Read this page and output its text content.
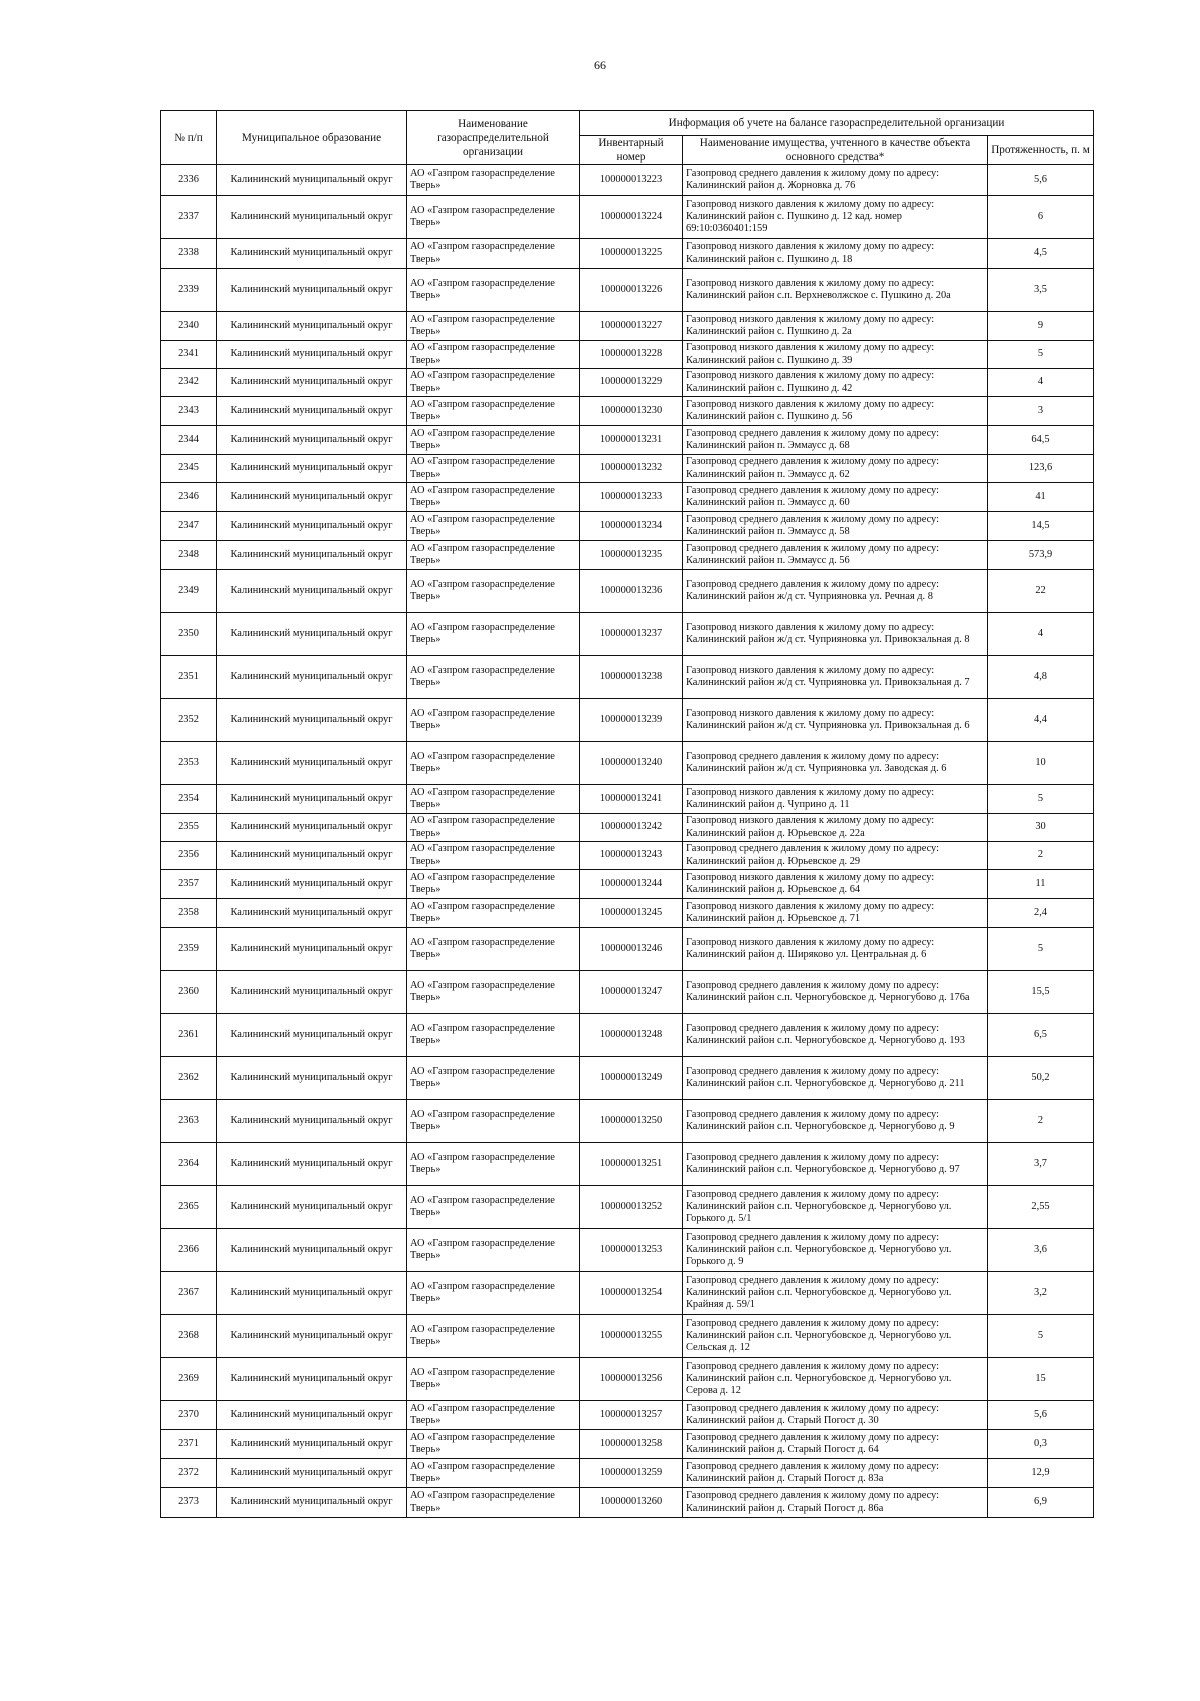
66
№ п/п	Муниципальное образование	Наименование газораспределительной организации	Информация об учете на балансе газораспределительной организации		
			Инвентарный номер	Наименование имущества, учтенного в качестве объекта основного средства*	Протяженность, п. м
2336	Калининский муниципальный округ	АО «Газпром газораспределение Тверь»	100000013223	Газопровод среднего давления к жилому дому по адресу: Калининский район д. Жорновка д. 76	5,6
2337	Калининский муниципальный округ	АО «Газпром газораспределение Тверь»	100000013224	Газопровод низкого давления к жилому дому по адресу: Калининский район с. Пушкино д. 12 кад. номер 69:10:0360401:159	6
2338	Калининский муниципальный округ	АО «Газпром газораспределение Тверь»	100000013225	Газопровод низкого давления к жилому дому по адресу: Калининский район с. Пушкино д. 18	4,5
2339	Калининский муниципальный округ	АО «Газпром газораспределение Тверь»	100000013226	Газопровод низкого давления к жилому дому по адресу: Калининский район с.п. Верхневолжское с. Пушкино д. 20а	3,5
2340	Калининский муниципальный округ	АО «Газпром газораспределение Тверь»	100000013227	Газопровод низкого давления к жилому дому по адресу: Калининский район с. Пушкино д. 2а	9
2341	Калининский муниципальный округ	АО «Газпром газораспределение Тверь»	100000013228	Газопровод низкого давления к жилому дому по адресу: Калининский район с. Пушкино д. 39	5
2342	Калининский муниципальный округ	АО «Газпром газораспределение Тверь»	100000013229	Газопровод низкого давления к жилому дому по адресу: Калининский район с. Пушкино д. 42	4
2343	Калининский муниципальный округ	АО «Газпром газораспределение Тверь»	100000013230	Газопровод низкого давления к жилому дому по адресу: Калининский район с. Пушкино д. 56	3
2344	Калининский муниципальный округ	АО «Газпром газораспределение Тверь»	100000013231	Газопровод среднего давления к жилому дому по адресу: Калининский район п. Эммаусс д. 68	64,5
2345	Калининский муниципальный округ	АО «Газпром газораспределение Тверь»	100000013232	Газопровод среднего давления к жилому дому по адресу: Калининский район п. Эммаусс д. 62	123,6
2346	Калининский муниципальный округ	АО «Газпром газораспределение Тверь»	100000013233	Газопровод среднего давления к жилому дому по адресу: Калининский район п. Эммаусс д. 60	41
2347	Калининский муниципальный округ	АО «Газпром газораспределение Тверь»	100000013234	Газопровод среднего давления к жилому дому по адресу: Калининский район п. Эммаусс д. 58	14,5
2348	Калининский муниципальный округ	АО «Газпром газораспределение Тверь»	100000013235	Газопровод среднего давления к жилому дому по адресу: Калининский район п. Эммаусс д. 56	573,9
2349	Калининский муниципальный округ	АО «Газпром газораспределение Тверь»	100000013236	Газопровод среднего давления к жилому дому по адресу: Калининский район ж/д ст. Чуприяновка ул. Речная д. 8	22
2350	Калининский муниципальный округ	АО «Газпром газораспределение Тверь»	100000013237	Газопровод низкого давления к жилому дому по адресу: Калининский район ж/д ст. Чуприяновка ул. Привокзальная д. 8	4
2351	Калининский муниципальный округ	АО «Газпром газораспределение Тверь»	100000013238	Газопровод низкого давления к жилому дому по адресу: Калининский район ж/д ст. Чуприяновка ул. Привокзальная д. 7	4,8
2352	Калининский муниципальный округ	АО «Газпром газораспределение Тверь»	100000013239	Газопровод низкого давления к жилому дому по адресу: Калининский район ж/д ст. Чуприяновка ул. Привокзальная д. 6	4,4
2353	Калининский муниципальный округ	АО «Газпром газораспределение Тверь»	100000013240	Газопровод среднего давления к жилому дому по адресу: Калининский район ж/д ст. Чуприяновка ул. Заводская д. 6	10
2354	Калининский муниципальный округ	АО «Газпром газораспределение Тверь»	100000013241	Газопровод низкого давления к жилому дому по адресу: Калининский район д. Чуприно д. 11	5
2355	Калининский муниципальный округ	АО «Газпром газораспределение Тверь»	100000013242	Газопровод низкого давления к жилому дому по адресу: Калининский район д. Юрьевское д. 22а	30
2356	Калининский муниципальный округ	АО «Газпром газораспределение Тверь»	100000013243	Газопровод среднего давления к жилому дому по адресу: Калининский район д. Юрьевское д. 29	2
2357	Калининский муниципальный округ	АО «Газпром газораспределение Тверь»	100000013244	Газопровод низкого давления к жилому дому по адресу: Калининский район д. Юрьевское д. 64	11
2358	Калининский муниципальный округ	АО «Газпром газораспределение Тверь»	100000013245	Газопровод низкого давления к жилому дому по адресу: Калининский район д. Юрьевское д. 71	2,4
2359	Калининский муниципальный округ	АО «Газпром газораспределение Тверь»	100000013246	Газопровод низкого давления к жилому дому по адресу: Калининский район д. Ширяково ул. Центральная д. 6	5
2360	Калининский муниципальный округ	АО «Газпром газораспределение Тверь»	100000013247	Газопровод среднего давления к жилому дому по адресу: Калининский район с.п. Черногубовское д. Черногубово д. 176а	15,5
2361	Калининский муниципальный округ	АО «Газпром газораспределение Тверь»	100000013248	Газопровод среднего давления к жилому дому по адресу: Калининский район с.п. Черногубовское д. Черногубово д. 193	6,5
2362	Калининский муниципальный округ	АО «Газпром газораспределение Тверь»	100000013249	Газопровод среднего давления к жилому дому по адресу: Калининский район с.п. Черногубовское д. Черногубово д. 211	50,2
2363	Калининский муниципальный округ	АО «Газпром газораспределение Тверь»	100000013250	Газопровод среднего давления к жилому дому по адресу: Калининский район с.п. Черногубовское д. Черногубово д. 9	2
2364	Калининский муниципальный округ	АО «Газпром газораспределение Тверь»	100000013251	Газопровод среднего давления к жилому дому по адресу: Калининский район с.п. Черногубовское д. Черногубово д. 97	3,7
2365	Калининский муниципальный округ	АО «Газпром газораспределение Тверь»	100000013252	Газопровод среднего давления к жилому дому по адресу: Калининский район с.п. Черногубовское д. Черногубово ул. Горького д. 5/1	2,55
2366	Калининский муниципальный округ	АО «Газпром газораспределение Тверь»	100000013253	Газопровод среднего давления к жилому дому по адресу: Калининский район с.п. Черногубовское д. Черногубово ул. Горького д. 9	3,6
2367	Калининский муниципальный округ	АО «Газпром газораспределение Тверь»	100000013254	Газопровод среднего давления к жилому дому по адресу: Калининский район с.п. Черногубовское д. Черногубово ул. Крайняя д. 59/1	3,2
2368	Калининский муниципальный округ	АО «Газпром газораспределение Тверь»	100000013255	Газопровод среднего давления к жилому дому по адресу: Калининский район с.п. Черногубовское д. Черногубово ул. Сельская д. 12	5
2369	Калининский муниципальный округ	АО «Газпром газораспределение Тверь»	100000013256	Газопровод среднего давления к жилому дому по адресу: Калининский район с.п. Черногубовское д. Черногубово ул. Серова д. 12	15
2370	Калининский муниципальный округ	АО «Газпром газораспределение Тверь»	100000013257	Газопровод среднего давления к жилому дому по адресу: Калининский район д. Старый Погост д. 30	5,6
2371	Калининский муниципальный округ	АО «Газпром газораспределение Тверь»	100000013258	Газопровод среднего давления к жилому дому по адресу: Калининский район д. Старый Погост д. 64	0,3
2372	Калининский муниципальный округ	АО «Газпром газораспределение Тверь»	100000013259	Газопровод среднего давления к жилому дому по адресу: Калининский район д. Старый Погост д. 83а	12,9
2373	Калининский муниципальный округ	АО «Газпром газораспределение Тверь»	100000013260	Газопровод среднего давления к жилому дому по адресу: Калининский район д. Старый Погост д. 86а	6,9
